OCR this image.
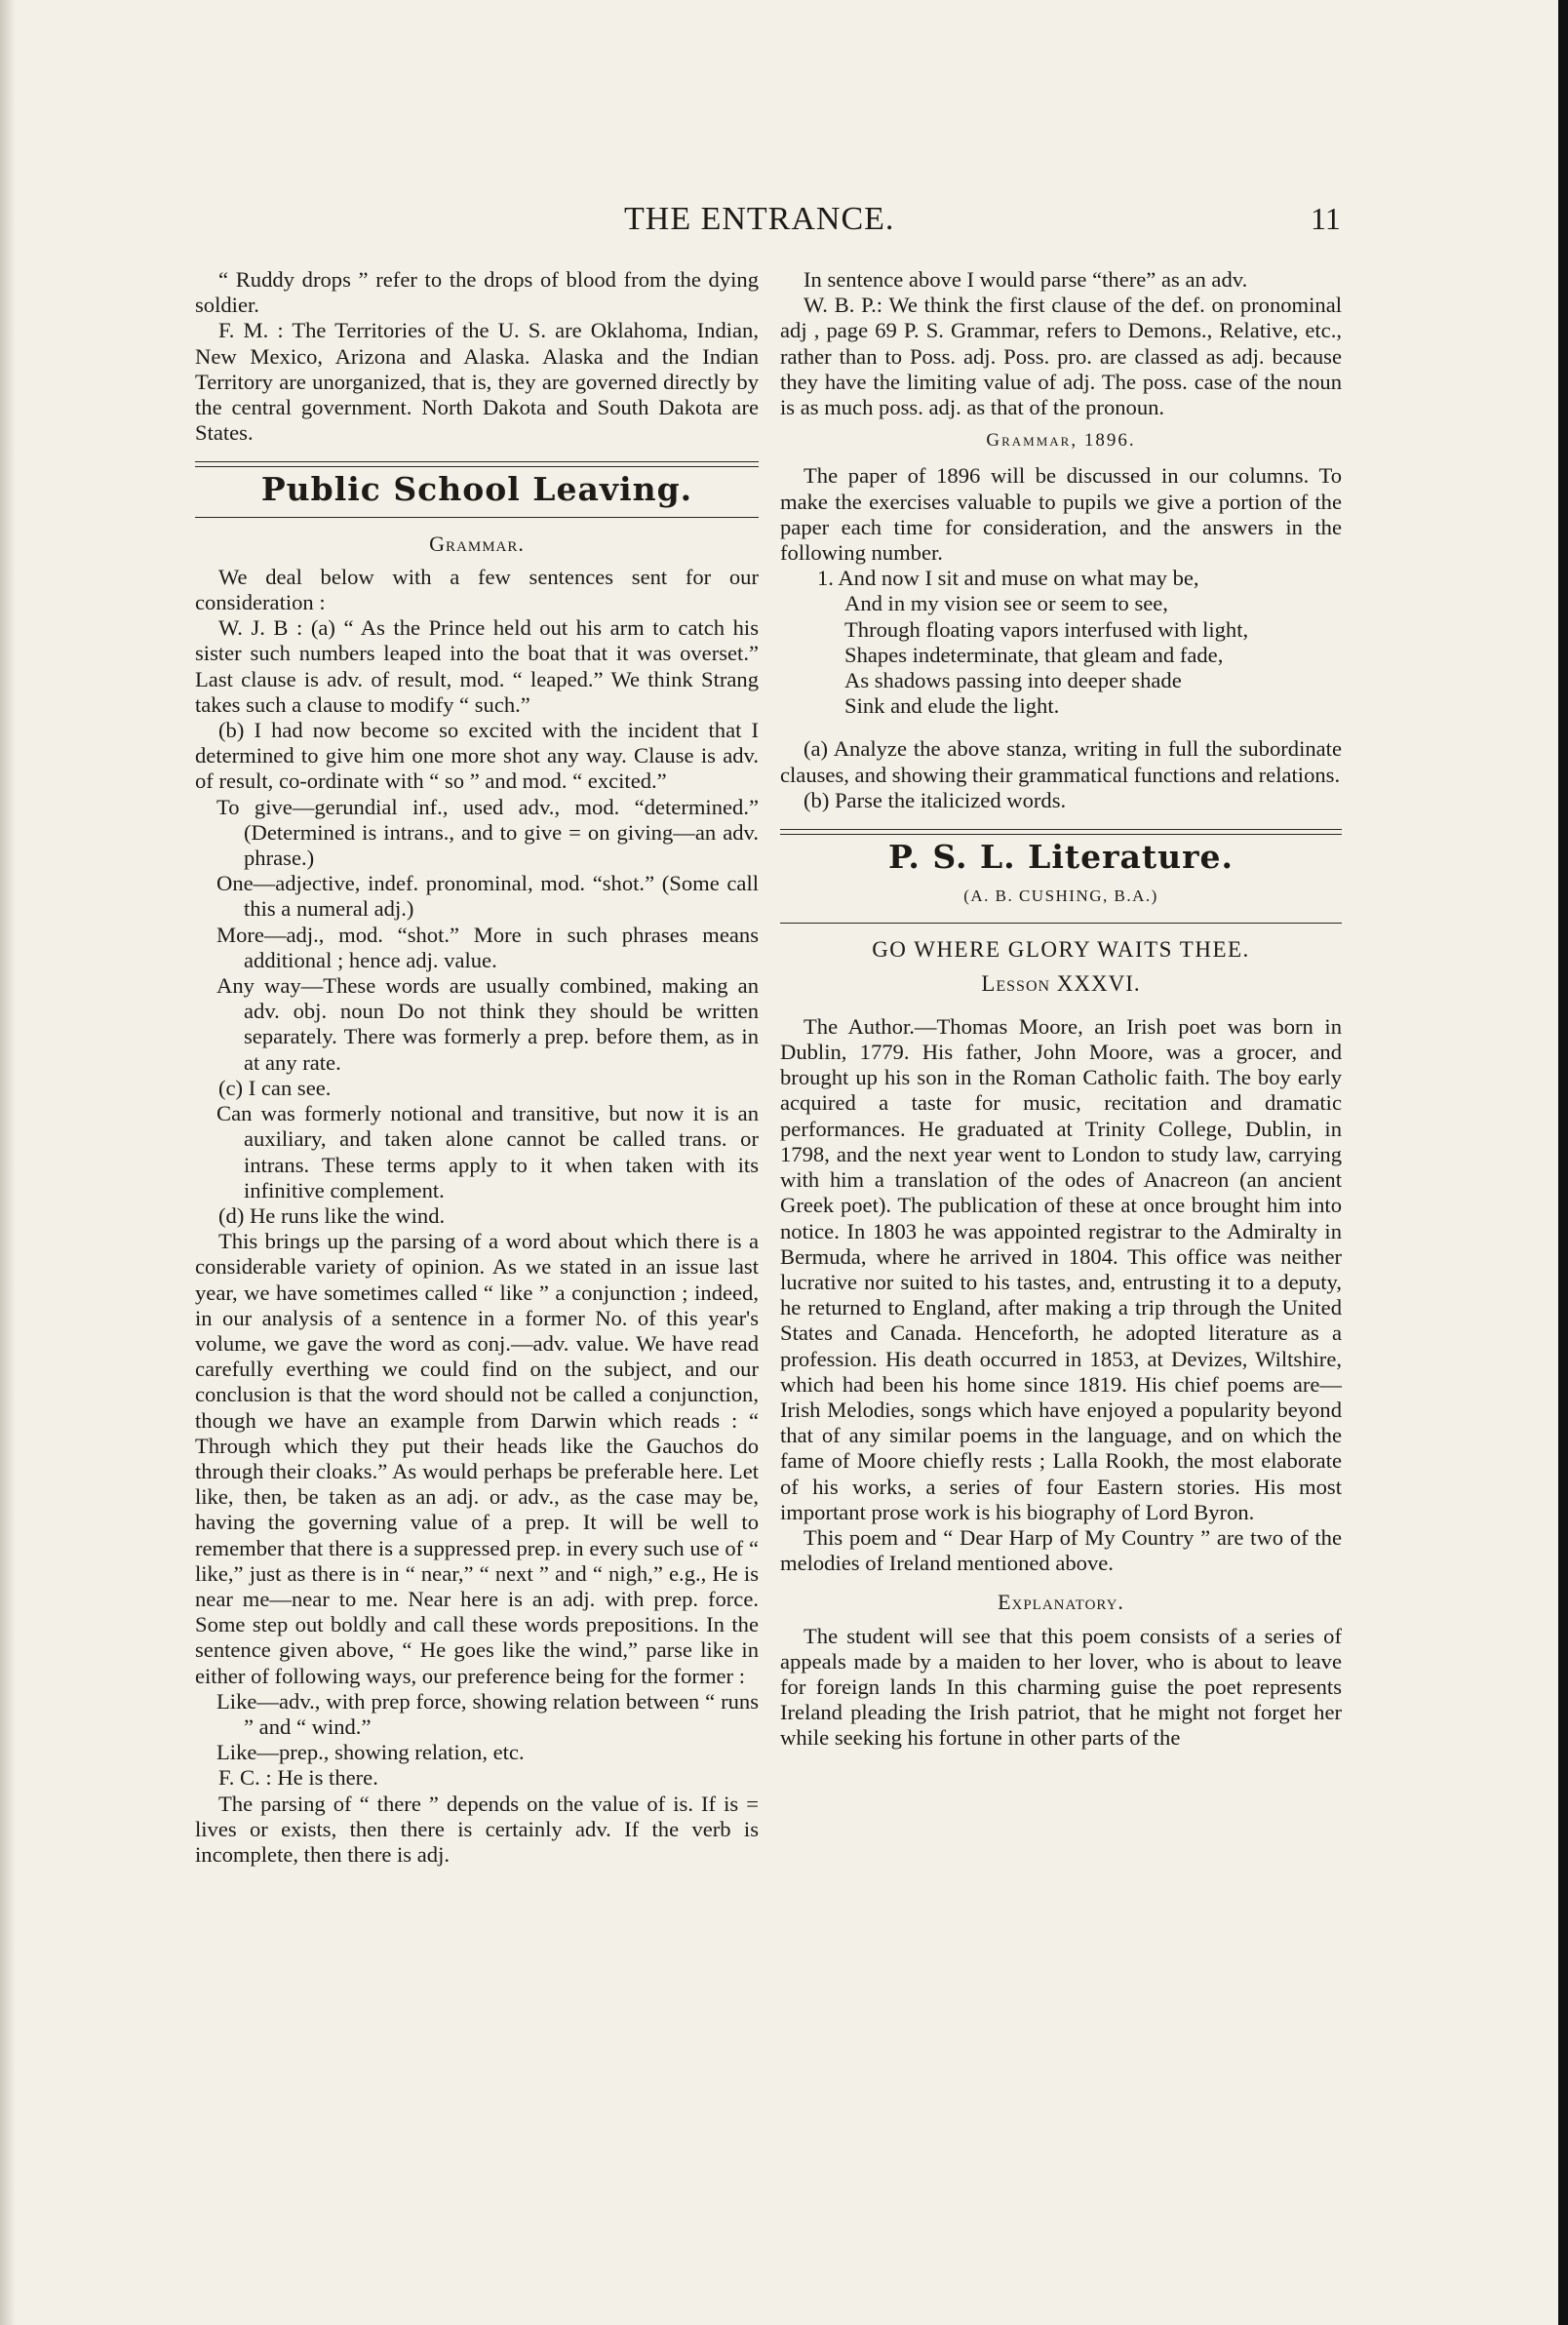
THE ENTRANCE.	11

“ Ruddy drops ” refer to the drops of blood from the dying soldier.

F. M. : The Territories of the U. S. are Oklahoma, Indian, New Mexico, Arizona and Alaska. Alaska and the Indian Territory are unorganized, that is, they are governed directly by the central government. North Dakota and South Dakota are States.

Public School Leaving.
Grammar.

We deal below with a few sentences sent for our consideration :

W. J. B : (a) “ As the Prince held out his arm to catch his sister such numbers leaped into the boat that it was overset.” Last clause is adv. of result, mod. “ leaped.” We think Strang takes such a clause to modify “ such.”

(b) I had now become so excited with the incident that I determined to give him one more shot any way. Clause is adv. of result, co-ordinate with “ so ” and mod. “ excited.”

To give—gerundial inf., used adv., mod. “determined.” (Determined is intrans., and to give = on giving—an adv. phrase.)

One—adjective, indef. pronominal, mod. “shot.” (Some call this a numeral adj.)

More—adj., mod. “shot.” More in such phrases means additional ; hence adj. value.

Any way—These words are usually combined, making an adv. obj. noun Do not think they should be written separately. There was formerly a prep. before them, as in at any rate.

(c) I can see.

Can was formerly notional and transitive, but now it is an auxiliary, and taken alone cannot be called trans. or intrans. These terms apply to it when taken with its infinitive complement.

(d) He runs like the wind.

This brings up the parsing of a word about which there is a considerable variety of opinion. As we stated in an issue last year, we have sometimes called “ like ” a conjunction ; indeed, in our analysis of a sentence in a former No. of this year's volume, we gave the word as conj.—adv. value. We have read carefully everthing we could find on the subject, and our conclusion is that the word should not be called a conjunction, though we have an example from Darwin which reads : “ Through which they put their heads like the Gauchos do through their cloaks.” As would perhaps be preferable here. Let like, then, be taken as an adj. or adv., as the case may be, having the governing value of a prep. It will be well to remember that there is a suppressed prep. in every such use of “ like,” just as there is in “ near,” “ next ” and “ nigh,” e.g., He is near me—near to me. Near here is an adj. with prep. force. Some step out boldly and call these words prepositions. In the sentence given above, “ He goes like the wind,” parse like in either of following ways, our preference being for the former :

Like—adv., with prep force, showing relation between “ runs ” and “ wind.”

Like—prep., showing relation, etc.

F. C. : He is there.

The parsing of “ there ” depends on the value of is. If is = lives or exists, then there is certainly adv. If the verb is incomplete, then there is adj.

In sentence above I would parse “there” as an adv.

W. B. P.: We think the first clause of the def. on pronominal adj , page 69 P. S. Grammar, refers to Demons., Relative, etc., rather than to Poss. adj. Poss. pro. are classed as adj. because they have the limiting value of adj. The poss. case of the noun is as much poss. adj. as that of the pronoun.

Grammar, 1896.

The paper of 1896 will be discussed in our columns. To make the exercises valuable to pupils we give a portion of the paper each time for consideration, and the answers in the following number.

1. And now I sit and muse on what may be,

And in my vision see or seem to see,

Through floating vapors interfused with light,

Shapes indeterminate, that gleam and fade,

As shadows passing into deeper shade

Sink and elude the light.

(a) Analyze the above stanza, writing in full the subordinate clauses, and showing their grammatical functions and relations.

(b) Parse the italicized words.

P. S. L. Literature.
(A. B. CUSHING, B.A.)
GO WHERE GLORY WAITS THEE.
Lesson XXXVI.

The Author.—Thomas Moore, an Irish poet was born in Dublin, 1779. His father, John Moore, was a grocer, and brought up his son in the Roman Catholic faith. The boy early acquired a taste for music, recitation and dramatic performances. He graduated at Trinity College, Dublin, in 1798, and the next year went to London to study law, carrying with him a translation of the odes of Anacreon (an ancient Greek poet). The publication of these at once brought him into notice. In 1803 he was appointed registrar to the Admiralty in Bermuda, where he arrived in 1804. This office was neither lucrative nor suited to his tastes, and, entrusting it to a deputy, he returned to England, after making a trip through the United States and Canada. Henceforth, he adopted literature as a profession. His death occurred in 1853, at Devizes, Wiltshire, which had been his home since 1819. His chief poems are—Irish Melodies, songs which have enjoyed a popularity beyond that of any similar poems in the language, and on which the fame of Moore chiefly rests ; Lalla Rookh, the most elaborate of his works, a series of four Eastern stories. His most important prose work is his biography of Lord Byron.

This poem and “ Dear Harp of My Country ” are two of the melodies of Ireland mentioned above.

Explanatory.

The student will see that this poem consists of a series of appeals made by a maiden to her lover, who is about to leave for foreign lands In this charming guise the poet represents Ireland pleading the Irish patriot, that he might not forget her while seeking his fortune in other parts of the
